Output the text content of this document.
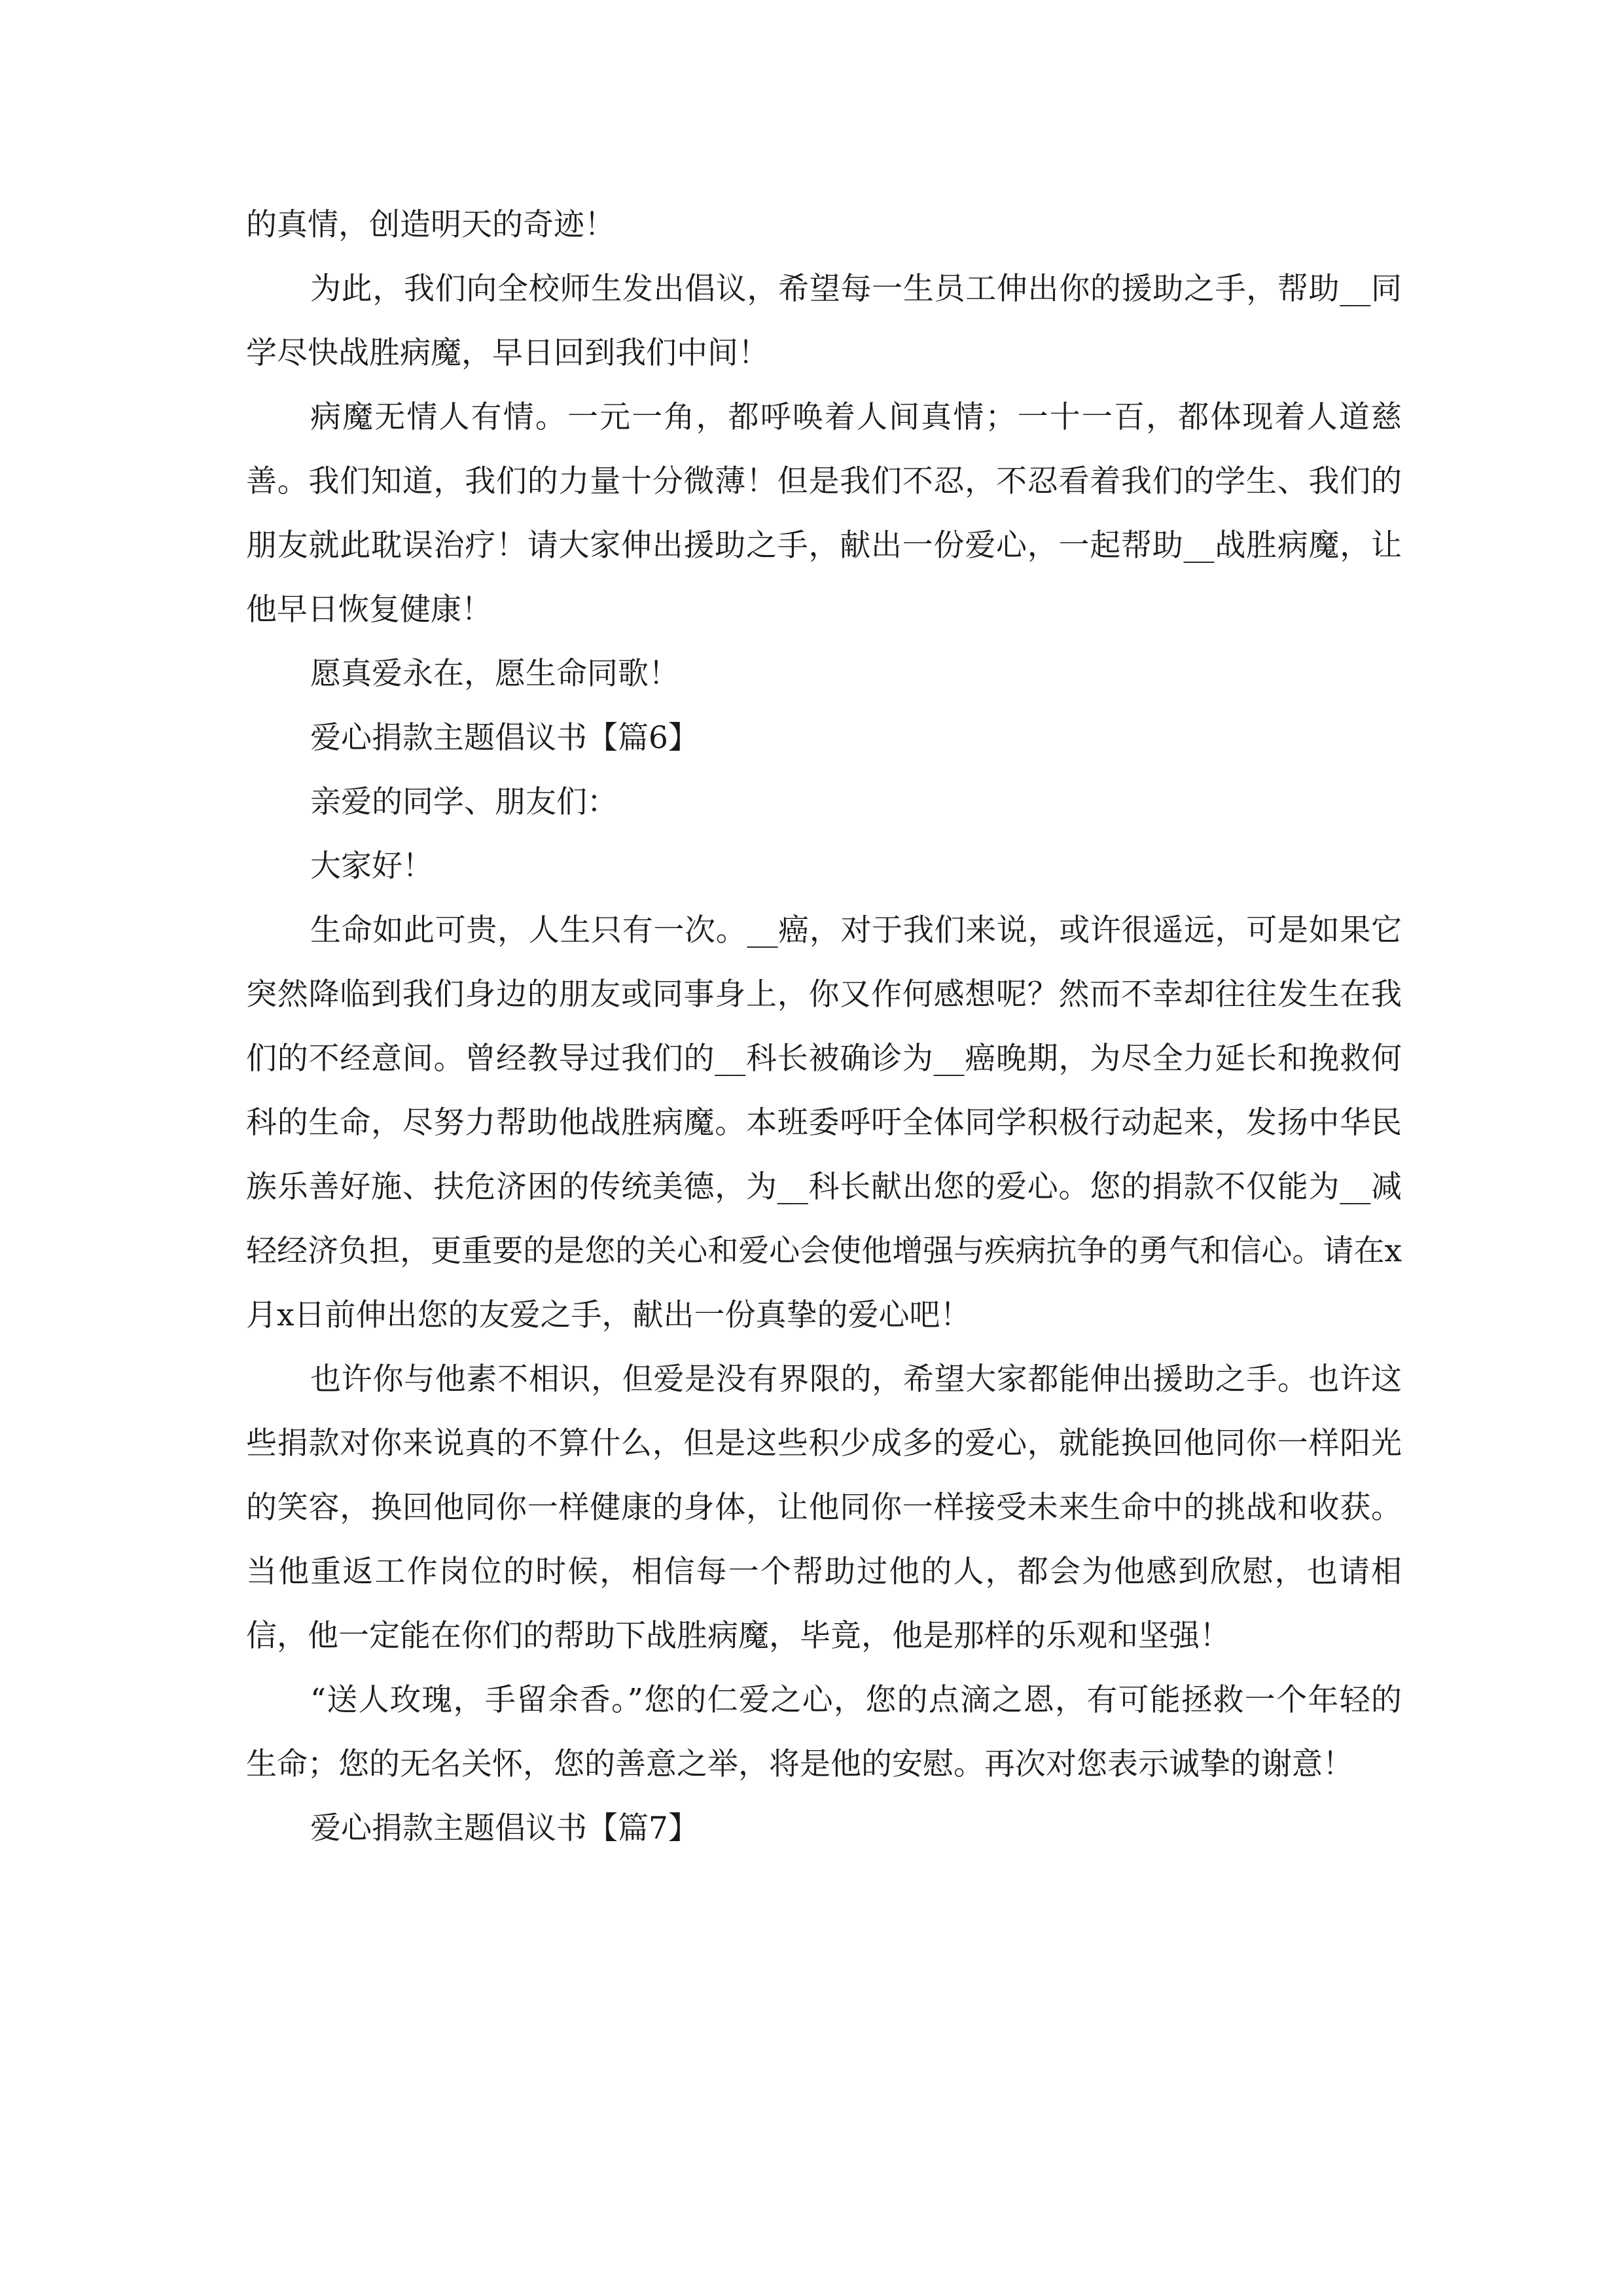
的真情，创造明天的奇迹！

为此，我们向全校师生发出倡议，希望每一生员工伸出你的援助之手，帮助__同学尽快战胜病魔，早日回到我们中间！

病魔无情人有情。一元一角，都呼唤着人间真情；一十一百，都体现着人道慈善。我们知道，我们的力量十分微薄！但是我们不忍，不忍看着我们的学生、我们的朋友就此耽误治疗！请大家伸出援助之手，献出一份爱心，一起帮助__战胜病魔，让他早日恢复健康！

愿真爱永在，愿生命同歌！

爱心捐款主题倡议书【篇6】

亲爱的同学、朋友们：

大家好！

生命如此可贵，人生只有一次。__癌，对于我们来说，或许很遥远，可是如果它突然降临到我们身边的朋友或同事身上，你又作何感想呢？然而不幸却往往发生在我们的不经意间。曾经教导过我们的__科长被确诊为__癌晚期，为尽全力延长和挽救何科的生命，尽努力帮助他战胜病魔。本班委呼吁全体同学积极行动起来，发扬中华民族乐善好施、扶危济困的传统美德，为__科长献出您的爱心。您的捐款不仅能为__减轻经济负担，更重要的是您的关心和爱心会使他增强与疾病抗争的勇气和信心。请在x月x日前伸出您的友爱之手，献出一份真挚的爱心吧！

也许你与他素不相识，但爱是没有界限的，希望大家都能伸出援助之手。也许这些捐款对你来说真的不算什么，但是这些积少成多的爱心，就能换回他同你一样阳光的笑容，换回他同你一样健康的身体，让他同你一样接受未来生命中的挑战和收获。当他重返工作岗位的时候，相信每一个帮助过他的人，都会为他感到欣慰，也请相信，他一定能在你们的帮助下战胜病魔，毕竟，他是那样的乐观和坚强！

“送人玫瑰，手留余香。”您的仁爱之心，您的点滴之恩，有可能拯救一个年轻的生命；您的无名关怀，您的善意之举，将是他的安慰。再次对您表示诚挚的谢意！

爱心捐款主题倡议书【篇7】
